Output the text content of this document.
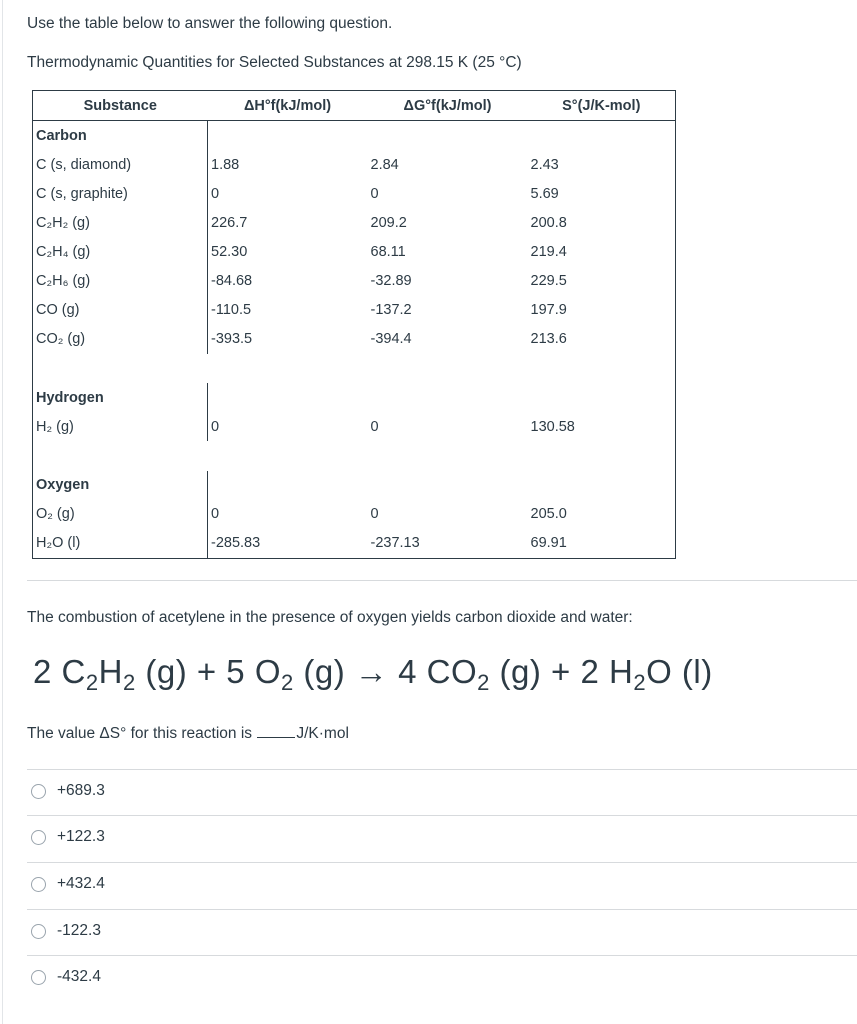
Use the table below to answer the following question.
Thermodynamic Quantities for Selected Substances at 298.15 K (25 °C)
Substance	ΔH°f(kJ/mol)	ΔG°f(kJ/mol)	S°(J/K-mol)
Carbon			
C (s, diamond)	1.88	2.84	2.43
C (s, graphite)	0	0	5.69
C₂H₂ (g)	226.7	209.2	200.8
C₂H₄ (g)	52.30	68.11	219.4
C₂H₆ (g)	-84.68	-32.89	229.5
CO (g)	-110.5	-137.2	197.9
CO₂ (g)	-393.5	-394.4	213.6

Hydrogen			
H₂ (g)	0	0	130.58

Oxygen			
O₂ (g)	0	0	205.0
H₂O (l)	-285.83	-237.13	69.91
The combustion of acetylene in the presence of oxygen yields carbon dioxide and water:
2 $C_2H_2$ (g) + 5 $O_2$ (g) → 4 $CO_2$ (g) + 2 $H_2O$ (l)
The value ΔS° for this reaction is	J/K·mol
+689.3
+122.3
+432.4
-122.3
-432.4
